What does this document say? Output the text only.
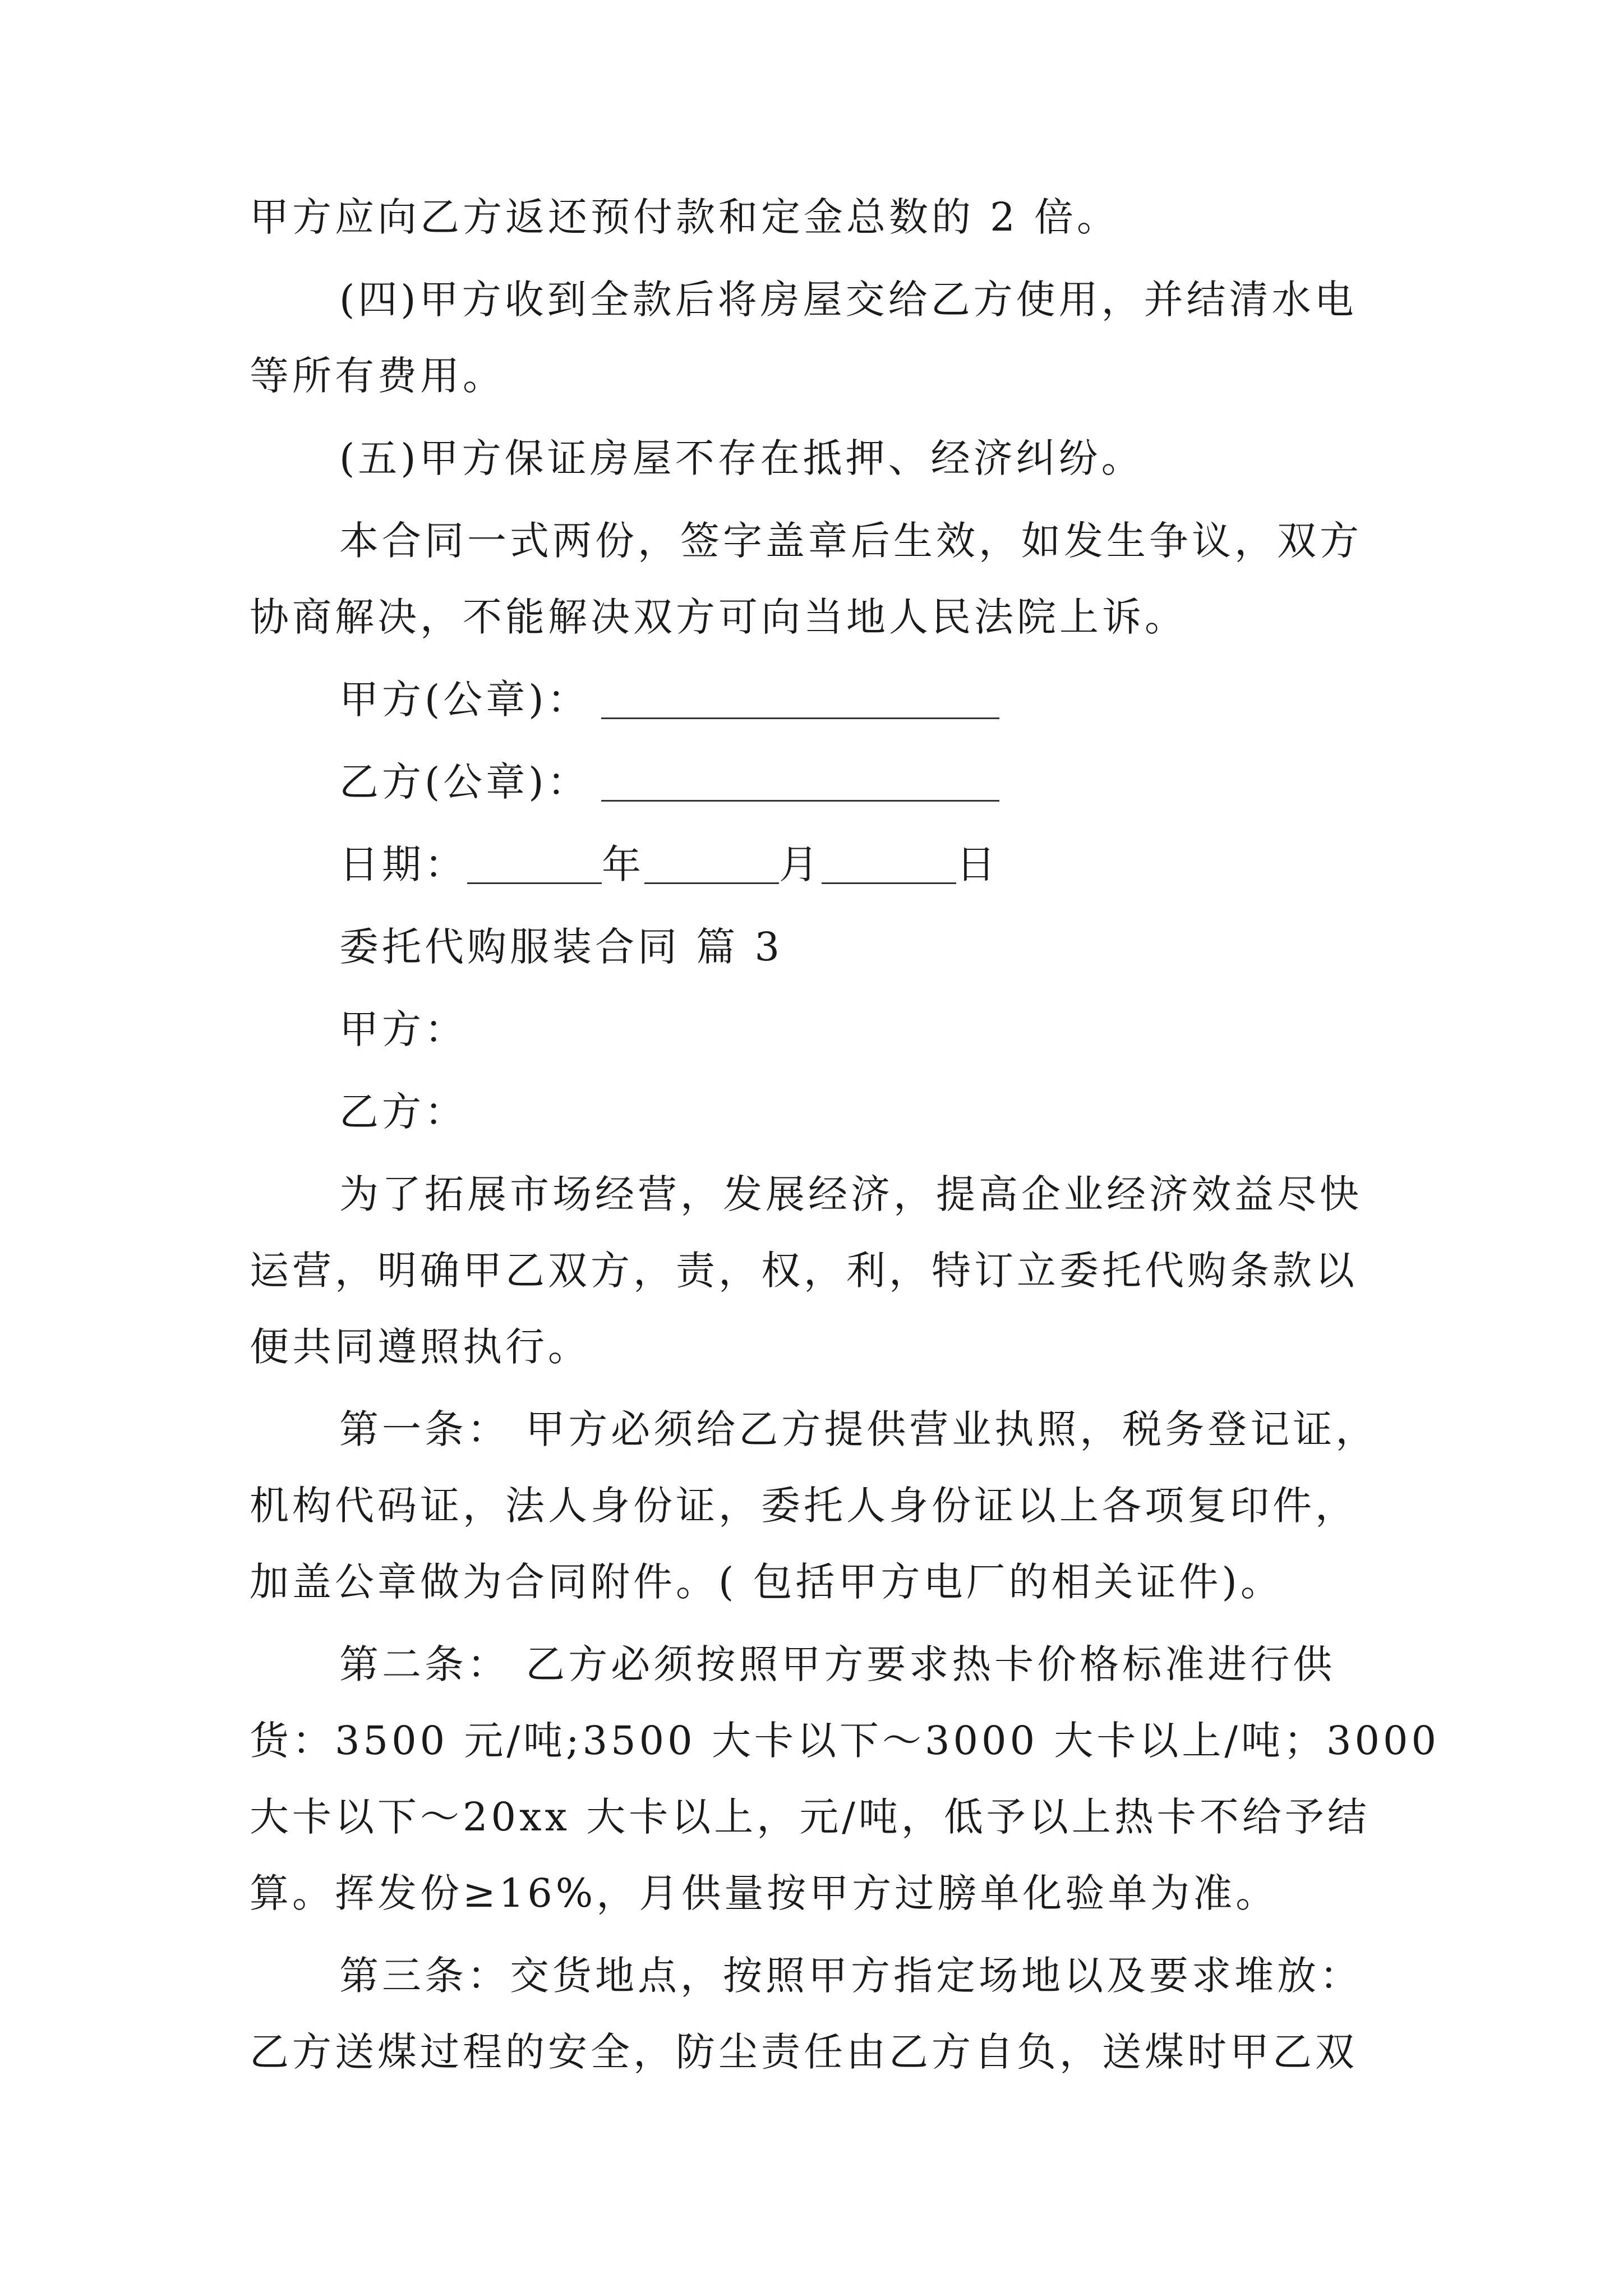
甲方应向乙方返还预付款和定金总数的 2 倍。

(四)甲方收到全款后将房屋交给乙方使用，并结清水电

等所有费用。

(五)甲方保证房屋不存在抵押、经济纠纷。

本合同一式两份，签字盖章后生效，如发生争议，双方

协商解决，不能解决双方可向当地人民法院上诉。

甲方(公章)：
乙方(公章)：
日期：	年	月	日

委托代购服装合同 篇 3

甲方：

乙方：

为了拓展市场经营，发展经济，提高企业经济效益尽快

运营，明确甲乙双方，责，权，利，特订立委托代购条款以

便共同遵照执行。

第一条： 甲方必须给乙方提供营业执照，税务登记证，

机构代码证，法人身份证，委托人身份证以上各项复印件，

加盖公章做为合同附件。( 包括甲方电厂的相关证件)。

第二条： 乙方必须按照甲方要求热卡价格标准进行供

货：3500 元/吨;3500 大卡以下～3000 大卡以上/吨；3000

大卡以下～20xx 大卡以上，元/吨，低予以上热卡不给予结

算。挥发份≥16%，月供量按甲方过膀单化验单为准。

第三条：交货地点，按照甲方指定场地以及要求堆放：

乙方送煤过程的安全，防尘责任由乙方自负，送煤时甲乙双
